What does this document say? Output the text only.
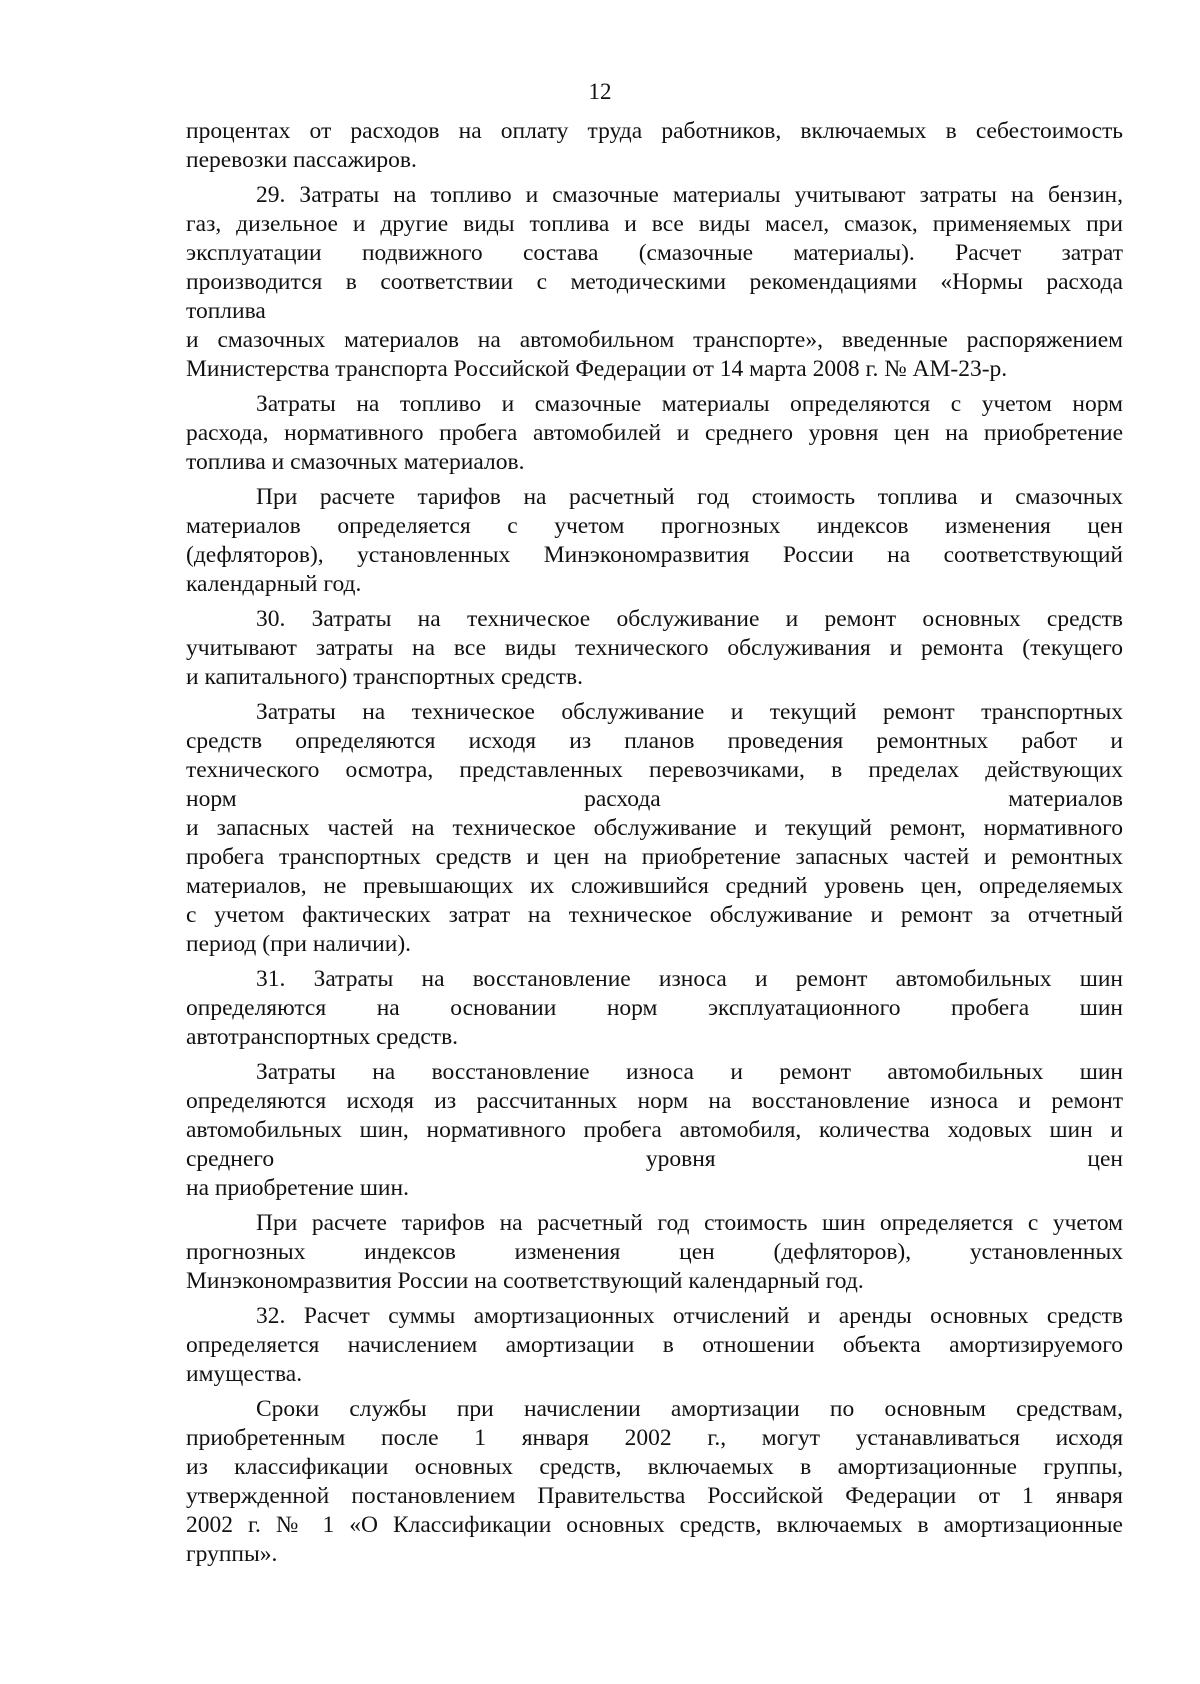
12
процентах от расходов на оплату труда работников, включаемых в себестоимость
перевозки пассажиров.
29. Затраты на топливо и смазочные материалы учитывают затраты на бензин,
газ, дизельное и другие виды топлива и все виды масел, смазок, применяемых при
эксплуатации подвижного состава (смазочные материалы). Расчет затрат
производится в соответствии с методическими рекомендациями «Нормы расхода
топлива
и смазочных материалов на автомобильном транспорте», введенные распоряжением
Министерства транспорта Российской Федерации от 14 марта 2008 г. № АМ-23-р.
Затраты на топливо и смазочные материалы определяются с учетом норм
расхода, нормативного пробега автомобилей и среднего уровня цен на приобретение
топлива и смазочных материалов.
При расчете тарифов на расчетный год стоимость топлива и смазочных
материалов определяется с учетом прогнозных индексов изменения цен
(дефляторов), установленных Минэкономразвития России на соответствующий
календарный год.
30. Затраты на техническое обслуживание и ремонт основных средств
учитывают затраты на все виды технического обслуживания и ремонта (текущего
и капитального) транспортных средств.
Затраты на техническое обслуживание и текущий ремонт транспортных
средств определяются исходя из планов проведения ремонтных работ и
технического осмотра, представленных перевозчиками, в пределах действующих
норм расхода материалов
и запасных частей на техническое обслуживание и текущий ремонт, нормативного
пробега транспортных средств и цен на приобретение запасных частей и ремонтных
материалов, не превышающих их сложившийся средний уровень цен, определяемых
с учетом фактических затрат на техническое обслуживание и ремонт за отчетный
период (при наличии).
31. Затраты на восстановление износа и ремонт автомобильных шин
определяются на основании норм эксплуатационного пробега шин
автотранспортных средств.
Затраты на восстановление износа и ремонт автомобильных шин
определяются исходя из рассчитанных норм на восстановление износа и ремонт
автомобильных шин, нормативного пробега автомобиля, количества ходовых шин и
среднего уровня цен
на приобретение шин.
При расчете тарифов на расчетный год стоимость шин определяется с учетом
прогнозных индексов изменения цен (дефляторов), установленных
Минэкономразвития России на соответствующий календарный год.
32. Расчет суммы амортизационных отчислений и аренды основных средств
определяется начислением амортизации в отношении объекта амортизируемого
имущества.
Сроки службы при начислении амортизации по основным средствам,
приобретенным после 1 января 2002 г., могут устанавливаться исходя
из классификации основных средств, включаемых в амортизационные группы,
утвержденной постановлением Правительства Российской Федерации от 1 января
2002 г. № 1 «О Классификации основных средств, включаемых в амортизационные
группы».
